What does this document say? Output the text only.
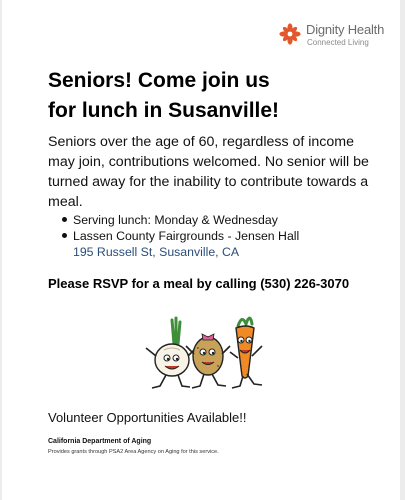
Dignity Health
Connected Living
Seniors! Come join us
for lunch in Susanville!
Seniors over the age of 60, regardless of income may join, contributions welcomed. No senior will be turned away for the inability to contribute towards a meal.
Serving lunch: Monday & Wednesday
Lassen County Fairgrounds - Jensen Hall
195 Russell St, Susanville, CA
Please RSVP for a meal by calling (530) 226-3070
Volunteer Opportunities Available!!
California Department of Aging
Provides grants through PSA2 Area Agency on Aging for this service.
